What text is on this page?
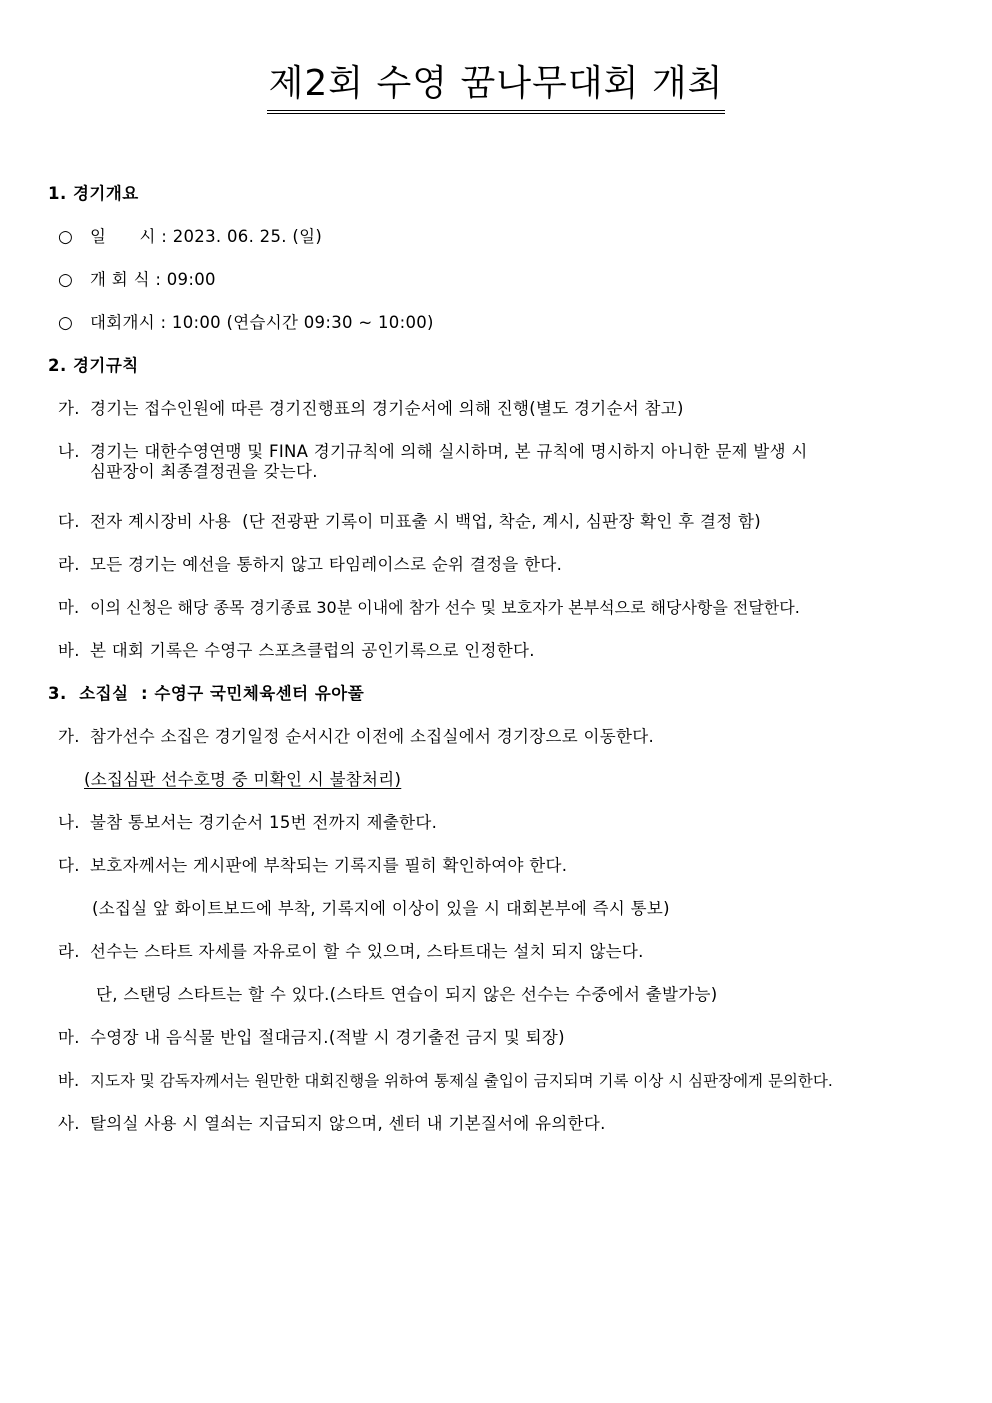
제2회 수영 꿈나무대회 개최
1. 경기개요
○ 일      시 : 2023. 06. 25. (일)
○ 개 회 식 : 09:00
○ 대회개시 : 10:00 (연습시간 09:30 ~ 10:00)
2. 경기규칙
가. 경기는 접수인원에 따른 경기진행표의 경기순서에 의해 진행(별도 경기순서 참고)
나. 경기는 대한수영연맹 및 FINA 경기규칙에 의해 실시하며, 본 규칙에 명시하지 아니한 문제 발생 시
심판장이 최종결정권을 갖는다.
다. 전자 계시장비 사용  (단 전광판 기록이 미표출 시 백업, 착순, 계시, 심판장 확인 후 결정 함)
라. 모든 경기는 예선을 통하지 않고 타임레이스로 순위 결정을 한다.
마. 이의 신청은 해당 종목 경기종료 30분 이내에 참가 선수 및 보호자가 본부석으로 해당사항을 전달한다.
바. 본 대회 기록은 수영구 스포츠클럽의 공인기록으로 인정한다.
3.  소집실  : 수영구 국민체육센터 유아풀
가. 참가선수 소집은 경기일정 순서시간 이전에 소집실에서 경기장으로 이동한다.
(소집심판 선수호명 중 미확인 시 불참처리)
나. 불참 통보서는 경기순서 15번 전까지 제출한다.
다. 보호자께서는 게시판에 부착되는 기록지를 필히 확인하여야 한다.
(소집실 앞 화이트보드에 부착, 기록지에 이상이 있을 시 대회본부에 즉시 통보)
라. 선수는 스타트 자세를 자유로이 할 수 있으며, 스타트대는 설치 되지 않는다.
단, 스탠딩 스타트는 할 수 있다.(스타트 연습이 되지 않은 선수는 수중에서 출발가능)
마. 수영장 내 음식물 반입 절대금지.(적발 시 경기출전 금지 및 퇴장)
바. 지도자 및 감독자께서는 원만한 대회진행을 위하여 통제실 출입이 금지되며 기록 이상 시 심판장에게 문의한다.
사. 탈의실 사용 시 열쇠는 지급되지 않으며, 센터 내 기본질서에 유의한다.
